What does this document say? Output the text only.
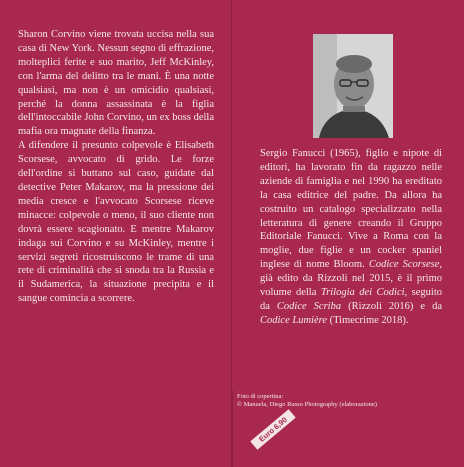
Sharon Corvino viene trovata uccisa nella sua casa di New York. Nessun segno di effrazione, molteplici ferite e suo marito, Jeff McKinley, con l'arma del delitto tra le mani. È una notte qualsiasi, ma non è un omicidio qualsiasi, perché la donna assassinata è la figlia dell'intoccabile John Corvino, un ex boss della mafia ora magnate della finanza.

A difendere il presunto colpevole è Elisabeth Scorsese, avvocato di grido. Le forze dell'ordine si buttano sul caso, guidate dal detective Peter Makarov, ma la pressione dei media cresce e l'avvocato Scorsese riceve minacce: colpevole o meno, il suo cliente non dovrà essere scagionato. E mentre Makarov indaga sui Corvino e su McKinley, mentre i servizi segreti ricostruiscono le trame di una rete di criminalità che si snoda tra la Russia e il Sudamerica, la situazione precipita e il sangue comincia a scorrere.

Sergio Fanucci (1965), figlio e nipote di editori, ha lavorato fin da ragazzo nelle aziende di famiglia e nel 1990 ha ereditato la casa editrice del padre. Da allora ha costruito un catalogo specializzato nella letteratura di genere creando il Gruppo Editoriale Fanucci. Vive a Roma con la moglie, due figlie e un cocker spaniel inglese di nome Bloom. Codice Scorsese, già edito da Rizzoli nel 2015, è il primo volume della Trilogia dei Codici, seguito da Codice Scriba (Rizzoli 2016) e da Codice Lumière (Timecrime 2018).

Foto di copertina:

© Manuela, Diego Russo Photography (elaborazione)

Euro 6,90
